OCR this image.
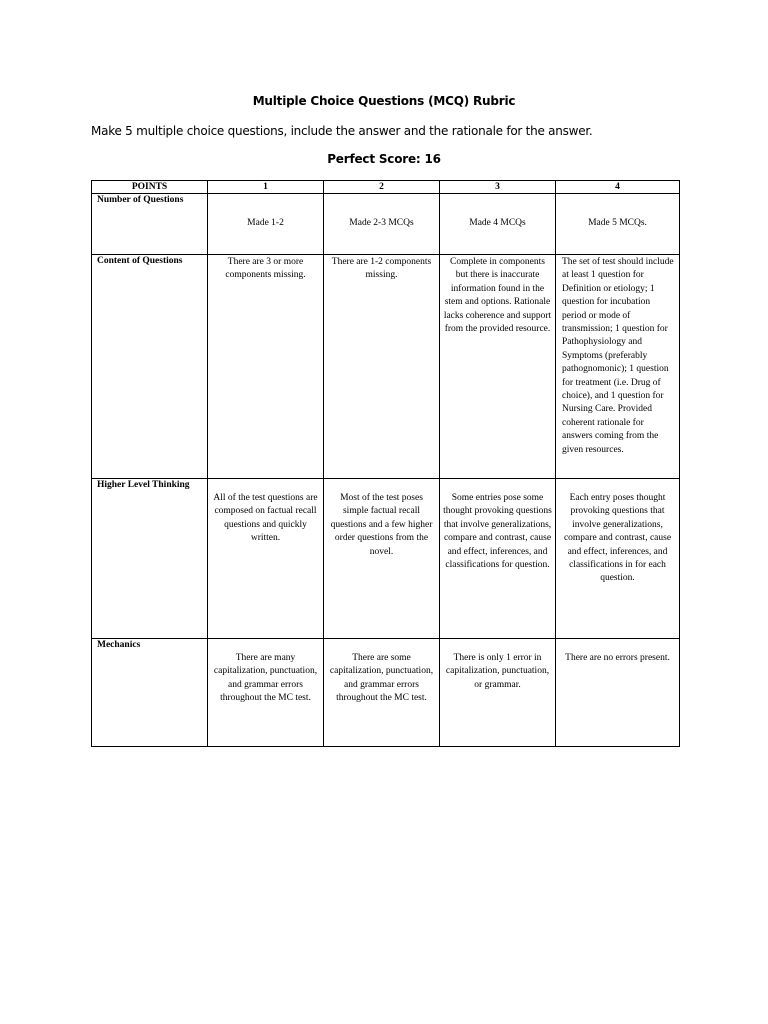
Multiple Choice Questions (MCQ) Rubric
Make 5 multiple choice questions, include the answer and the rationale for the answer.
Perfect Score: 16
POINTS	1	2	3	4
Number of Questions	Made 1-2	Made 2-3 MCQs	Made 4 MCQs	Made 5 MCQs.
Content of Questions	There are 3 or more components missing.	There are 1-2 components missing.	Complete in components but there is inaccurate information found in the stem and options. Rationale lacks coherence and support from the provided resource.	The set of test should include at least 1 question for Definition or etiology; 1 question for incubation period or mode of transmission; 1 question for Pathophysiology and Symptoms (preferably pathognomonic); 1 question for treatment (i.e. Drug of choice), and 1 question for Nursing Care. Provided coherent rationale for answers coming from the given resources.
Higher Level Thinking	All of the test questions are composed on factual recall questions and quickly written.	Most of the test poses simple factual recall questions and a few higher order questions from the novel.	Some entries pose some thought provoking questions that involve generalizations, compare and contrast, cause and effect, inferences, and classifications for question.	Each entry poses thought provoking questions that involve generalizations, compare and contrast, cause and effect, inferences, and classifications in for each question.
Mechanics	There are many capitalization, punctuation, and grammar errors throughout the MC test.	There are some capitalization, punctuation, and grammar errors throughout the MC test.	There is only 1 error in capitalization, punctuation, or grammar.	There are no errors present.
